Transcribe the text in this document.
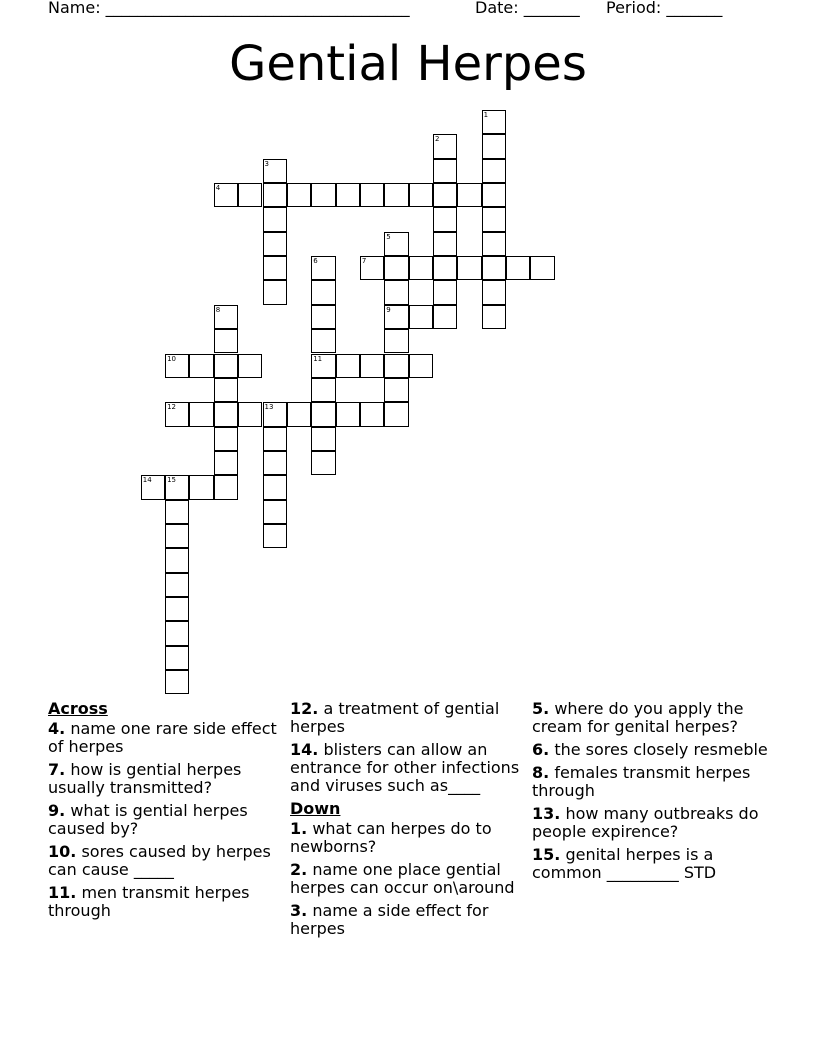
Name: ______________________________________	Date: _______ Period: _______
Gential Herpes
1
2
3
4
5
9
6
11
7
8
10
12	13
14 15
Across
4. name one rare side effect of herpes
7. how is gential herpes usually transmitted?
9. what is gential herpes caused by?
10. sores caused by herpes can cause _____
11. men transmit herpes through
12. a treatment of gential herpes
14. blisters can allow an entrance for other infections and viruses such as____
Down
1. what can herpes do to newborns?
2. name one place gential herpes can occur on\around
3. name a side effect for herpes
5. where do you apply the cream for genital herpes?
6. the sores closely resmeble
8. females transmit herpes through
13. how many outbreaks do people expirence?
15. genital herpes is a common _________ STD
